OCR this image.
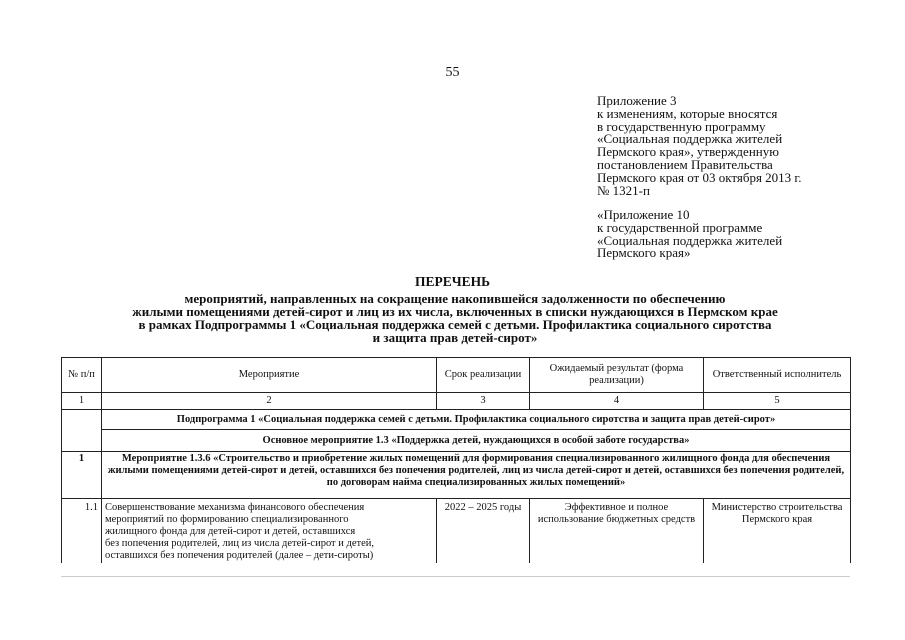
55
Приложение 3
к изменениям, которые вносятся
в государственную программу
«Социальная поддержка жителей
Пермского края», утвержденную
постановлением Правительства
Пермского края от 03 октября 2013 г.
№ 1321-п
«Приложение 10
к государственной программе
«Социальная поддержка жителей
Пермского края»
ПЕРЕЧЕНЬ
мероприятий, направленных на сокращение накопившейся задолженности по обеспечению
жилыми помещениями детей-сирот и лиц из их числа, включенных в списки нуждающихся в Пермском крае
в рамках Подпрограммы 1 «Социальная поддержка семей с детьми. Профилактика социального сиротства
и защита прав детей-сирот»
№ п/п	Мероприятие	Срок реализации	Ожидаемый результат (форма реализации)	Ответственный исполнитель
1	2	3	4	5
	Подпрограмма 1 «Социальная поддержка семей с детьми. Профилактика социального сиротства и защита прав детей-сирот»			
	Основное мероприятие 1.3 «Поддержка детей, нуждающихся в особой заботе государства»			
1	Мероприятие 1.3.6 «Строительство и приобретение жилых помещений для формирования специализированного жилищного фонда для обеспечения жилыми помещениями детей-сирот и детей, оставшихся без попечения родителей, лиц из числа детей-сирот и детей, оставшихся без попечения родителей, по договорам найма специализированных жилых помещений»			
1.1	Совершенствование механизма финансового обеспечения
мероприятий по формированию специализированного
жилищного фонда для детей-сирот и детей, оставшихся
без попечения родителей, лиц из числа детей-сирот и детей,
оставшихся без попечения родителей (далее – дети-сироты)	2022 – 2025 годы	Эффективное и полное использование бюджетных средств	Министерство строительства Пермского края
